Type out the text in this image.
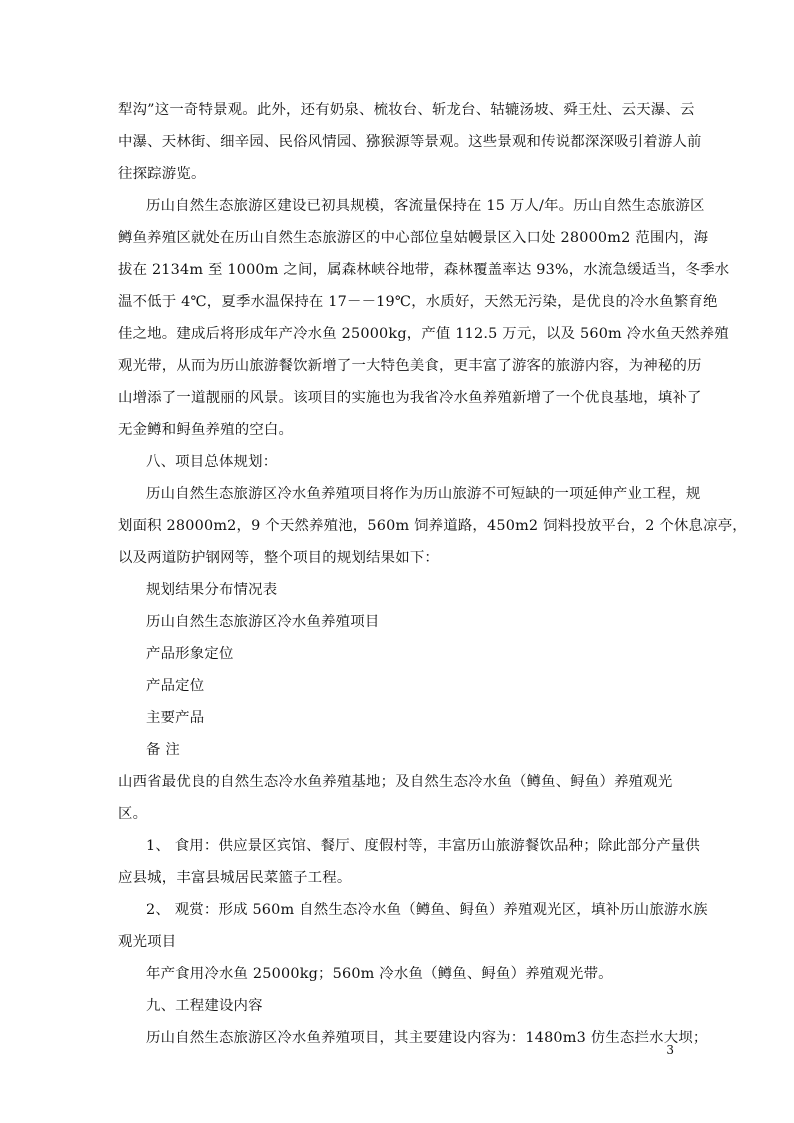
犁沟”这一奇特景观。此外，还有奶泉、梳妆台、斩龙台、轱辘汤坡、舜王灶、云天瀑、云
中瀑、天林街、细辛园、民俗风情园、猕猴源等景观。这些景观和传说都深深吸引着游人前
往探踪游览。
历山自然生态旅游区建设已初具规模，客流量保持在 15 万人/年。历山自然生态旅游区
鳟鱼养殖区就处在历山自然生态旅游区的中心部位皇姑幔景区入口处 28000m2 范围内，海
拔在 2134m 至 1000m 之间，属森林峡谷地带，森林覆盖率达 93%，水流急缓适当，冬季水
温不低于 4℃，夏季水温保持在 17－－19℃，水质好，天然无污染，是优良的冷水鱼繁育绝
佳之地。建成后将形成年产冷水鱼 25000kg，产值 112.5 万元，以及 560m 冷水鱼天然养殖
观光带，从而为历山旅游餐饮新增了一大特色美食，更丰富了游客的旅游内容，为神秘的历
山增添了一道靓丽的风景。该项目的实施也为我省冷水鱼养殖新增了一个优良基地，填补了
无金鳟和鲟鱼养殖的空白。
八、项目总体规划：
历山自然生态旅游区冷水鱼养殖项目将作为历山旅游不可短缺的一项延伸产业工程，规
划面积 28000m2，9 个天然养殖池，560m 饲养道路，450m2 饲料投放平台，2 个休息凉亭，
以及两道防护钢网等，整个项目的规划结果如下：
规划结果分布情况表
历山自然生态旅游区冷水鱼养殖项目
产品形象定位
产品定位
主要产品
备 注
山西省最优良的自然生态冷水鱼养殖基地；及自然生态冷水鱼（鳟鱼、鲟鱼）养殖观光
区。
1、 食用：供应景区宾馆、餐厅、度假村等，丰富历山旅游餐饮品种；除此部分产量供
应县城，丰富县城居民菜篮子工程。
2、 观赏：形成 560m 自然生态冷水鱼（鳟鱼、鲟鱼）养殖观光区，填补历山旅游水族
观光项目
年产食用冷水鱼 25000kg；560m 冷水鱼（鳟鱼、鲟鱼）养殖观光带。
九、工程建设内容
历山自然生态旅游区冷水鱼养殖项目，其主要建设内容为：1480m3 仿生态拦水大坝；
3
